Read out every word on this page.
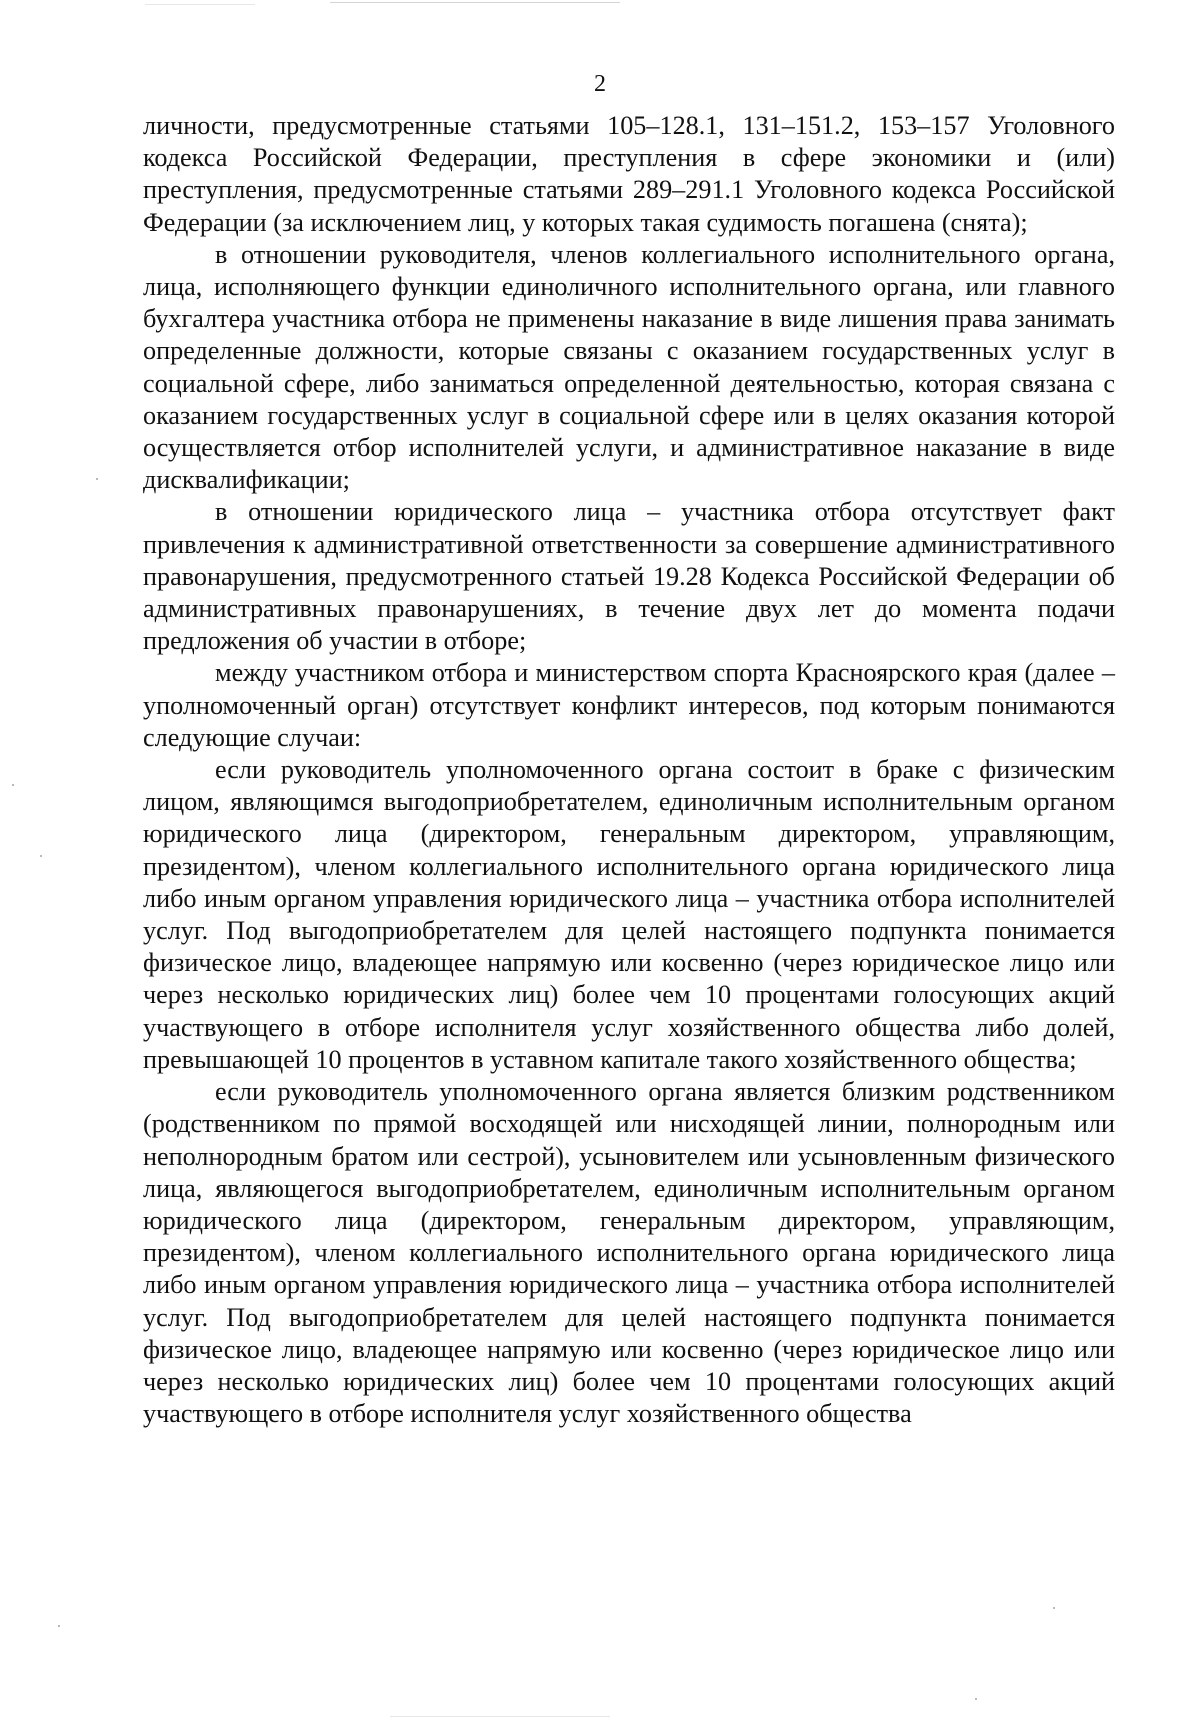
2

личности, предусмотренные статьями 105–128.1, 131–151.2, 153–157 Уголовного кодекса Российской Федерации, преступления в сфере экономики и (или) преступления, предусмотренные статьями 289–291.1 Уголовного кодекса Российской Федерации (за исключением лиц, у которых такая судимость погашена (снята);

в отношении руководителя, членов коллегиального исполнительного органа, лица, исполняющего функции единоличного исполнительного органа, или главного бухгалтера участника отбора не применены наказание в виде лишения права занимать определенные должности, которые связаны с оказанием государственных услуг в социальной сфере, либо заниматься определенной деятельностью, которая связана с оказанием государственных услуг в социальной сфере или в целях оказания которой осуществляется отбор исполнителей услуги, и административное наказание в виде дисквалификации;

в отношении юридического лица – участника отбора отсутствует факт привлечения к административной ответственности за совершение административного правонарушения, предусмотренного статьей 19.28 Кодекса Российской Федерации об административных правонарушениях, в течение двух лет до момента подачи предложения об участии в отборе;

между участником отбора и министерством спорта Красноярского края (далее – уполномоченный орган) отсутствует конфликт интересов, под которым понимаются следующие случаи:

если руководитель уполномоченного органа состоит в браке с физическим лицом, являющимся выгодоприобретателем, единоличным исполнительным органом юридического лица (директором, генеральным директором, управляющим, президентом), членом коллегиального исполнительного органа юридического лица либо иным органом управления юридического лица – участника отбора исполнителей услуг. Под выгодоприобретателем для целей настоящего подпункта понимается физическое лицо, владеющее напрямую или косвенно (через юридическое лицо или через несколько юридических лиц) более чем 10 процентами голосующих акций участвующего в отборе исполнителя услуг хозяйственного общества либо долей, превышающей 10 процентов в уставном капитале такого хозяйственного общества;

если руководитель уполномоченного органа является близким родственником (родственником по прямой восходящей или нисходящей линии, полнородным или неполнородным братом или сестрой), усыновителем или усыновленным физического лица, являющегося выгодоприобретателем, единоличным исполнительным органом юридического лица (директором, генеральным директором, управляющим, президентом), членом коллегиального исполнительного органа юридического лица либо иным органом управления юридического лица – участника отбора исполнителей услуг. Под выгодоприобретателем для целей настоящего подпункта понимается физическое лицо, владеющее напрямую или косвенно (через юридическое лицо или через несколько юридических лиц) более чем 10 процентами голосующих акций участвующего в отборе исполнителя услуг хозяйственного общества
